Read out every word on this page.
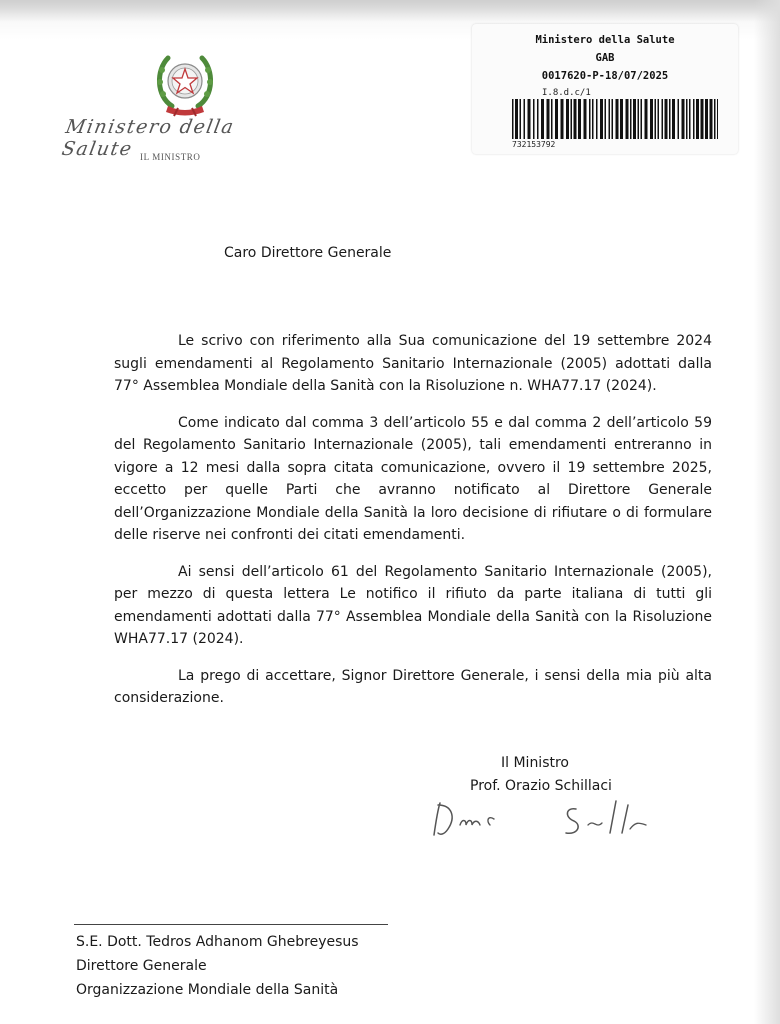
Ministero della Salute IL MINISTRO
Ministero della Salute
GAB
0017620-P-18/07/2025
I.8.d.c/1
732153792
Caro Direttore Generale

Le scrivo con riferimento alla Sua comunicazione del 19 settembre 2024 sugli emendamenti al Regolamento Sanitario Internazionale (2005) adottati dalla 77° Assemblea Mondiale della Sanità con la Risoluzione n. WHA77.17 (2024).

Come indicato dal comma 3 dell’articolo 55 e dal comma 2 dell’articolo 59 del Regolamento Sanitario Internazionale (2005), tali emendamenti entreranno in vigore a 12 mesi dalla sopra citata comunicazione, ovvero il 19 settembre 2025, eccetto per quelle Parti che avranno notificato al Direttore Generale dell’Organizzazione Mondiale della Sanità la loro decisione di rifiutare o di formulare delle riserve nei confronti dei citati emendamenti.

Ai sensi dell’articolo 61 del Regolamento Sanitario Internazionale (2005), per mezzo di questa lettera Le notifico il rifiuto da parte italiana di tutti gli emendamenti adottati dalla 77° Assemblea Mondiale della Sanità con la Risoluzione WHA77.17 (2024).

La prego di accettare, Signor Direttore Generale, i sensi della mia più alta considerazione.

Il Ministro
Prof. Orazio Schillaci
S.E. Dott. Tedros Adhanom Ghebreyesus
Direttore Generale
Organizzazione Mondiale della Sanità
